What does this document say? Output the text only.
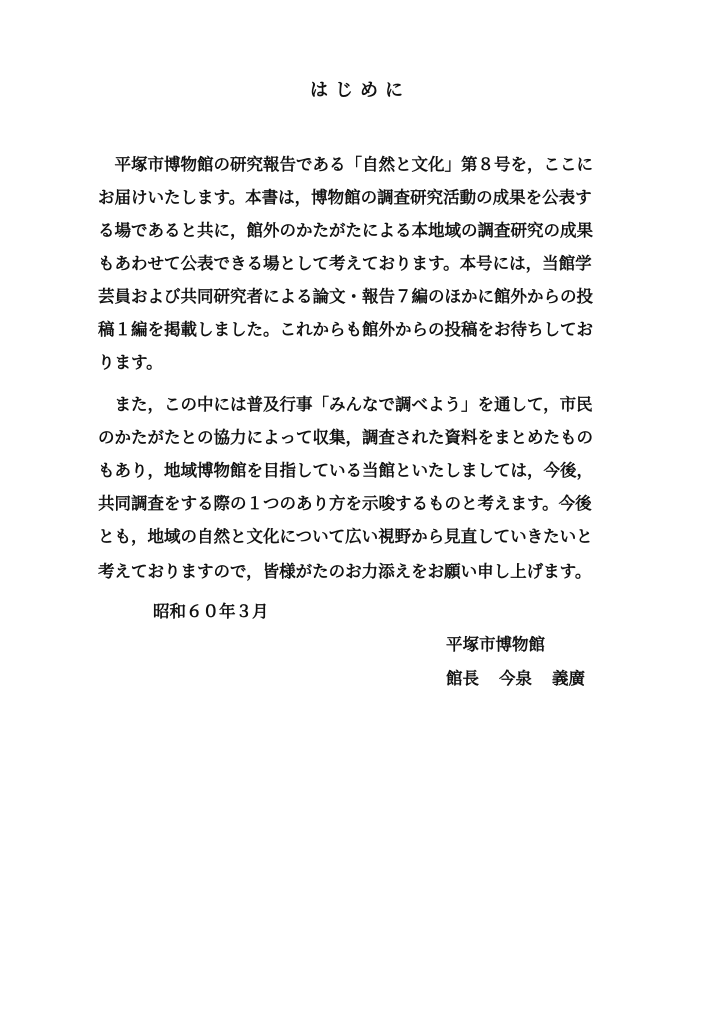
はじめに
　平塚市博物館の研究報告である「自然と文化」第８号を，ここに
お届けいたします。本書は，博物館の調査研究活動の成果を公表す
る場であると共に，館外のかたがたによる本地域の調査研究の成果
もあわせて公表できる場として考えております。本号には，当館学
芸員および共同研究者による論文・報告７編のほかに館外からの投
稿１編を掲載しました。これからも館外からの投稿をお待ちしてお
ります。
　また，この中には普及行事「みんなで調べよう」を通して，市民
のかたがたとの協力によって収集，調査された資料をまとめたもの
もあり，地域博物館を目指している当館といたしましては，今後，
共同調査をする際の１つのあり方を示唆するものと考えます。今後
とも，地域の自然と文化について広い視野から見直していきたいと
考えておりますので，皆様がたのお力添えをお願い申し上げます。
昭和６０年３月
平塚市博物館
館長 今泉 義廣
